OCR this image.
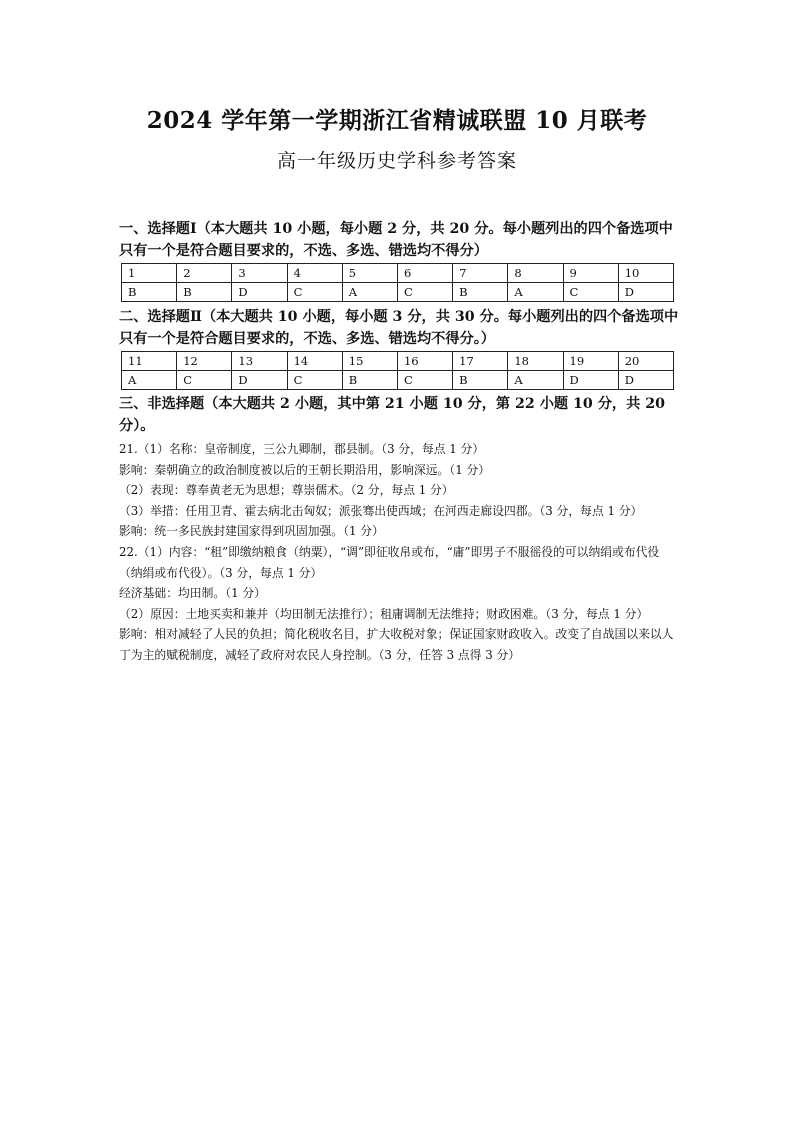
2024 学年第一学期浙江省精诚联盟 10 月联考
高一年级历史学科参考答案

一、选择题Ⅰ（本大题共 10 小题，每小题 2 分，共 20 分。每小题列出的四个备选项中只有一个是符合题目要求的，不选、多选、错选均不得分）

1	2	3	4	5	6	7	8	9	10
B	B	D	C	A	C	B	A	C	D

二、选择题Ⅱ（本大题共 10 小题，每小题 3 分，共 30 分。每小题列出的四个备选项中只有一个是符合题目要求的，不选、多选、错选均不得分。）

11	12	13	14	15	16	17	18	19	20
A	C	D	C	B	C	B	A	D	D

三、非选择题（本大题共 2 小题，其中第 21 小题 10 分，第 22 小题 10 分，共 20分）。

21.（1）名称：皇帝制度，三公九卿制，郡县制。（3 分，每点 1 分）

影响：秦朝确立的政治制度被以后的王朝长期沿用，影响深远。（1 分）

（2）表现：尊奉黄老无为思想；尊崇儒术。（2 分，每点 1 分）

（3）举措：任用卫青、霍去病北击匈奴；派张骞出使西域；在河西走廊设四郡。（3 分，每点 1 分）

影响：统一多民族封建国家得到巩固加强。（1 分）

22.（1）内容：“租”即缴纳粮食（纳粟），“调”即征收帛或布，“庸”即男子不服徭役的可以纳绢或布代役（纳绢或布代役）。（3 分，每点 1 分）

经济基础：均田制。（1 分）

（2）原因：土地买卖和兼并（均田制无法推行）；租庸调制无法维持；财政困难。（3 分，每点 1 分）

影响：相对减轻了人民的负担；简化税收名目，扩大收税对象；保证国家财政收入。改变了自战国以来以人丁为主的赋税制度，减轻了政府对农民人身控制。（3 分，任答 3 点得 3 分）
